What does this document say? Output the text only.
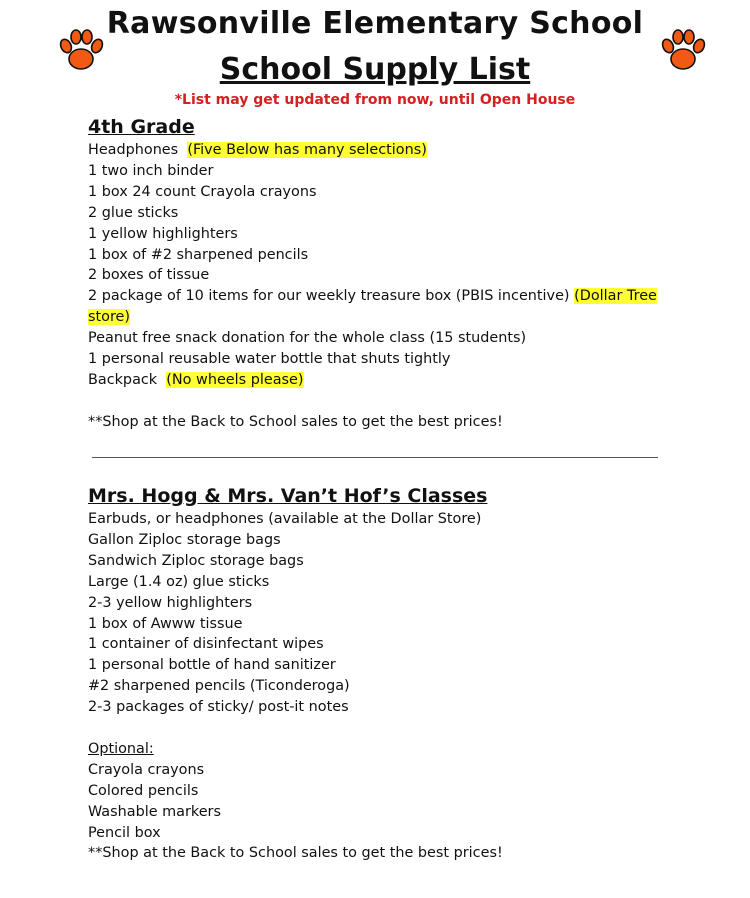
Rawsonville Elementary School
School Supply List
*List may get updated from now, until Open House
4th Grade
Headphones (Five Below has many selections)
1 two inch binder
1 box 24 count Crayola crayons
2 glue sticks
1 yellow highlighters
1 box of #2 sharpened pencils
2 boxes of tissue
2 package of 10 items for our weekly treasure box (PBIS incentive) (Dollar Tree store)
Peanut free snack donation for the whole class (15 students)
1 personal reusable water bottle that shuts tightly
Backpack (No wheels please)
**Shop at the Back to School sales to get the best prices!
Mrs. Hogg & Mrs. Van’t Hof’s Classes
Earbuds, or headphones (available at the Dollar Store)
Gallon Ziploc storage bags
Sandwich Ziploc storage bags
Large (1.4 oz) glue sticks
2-3 yellow highlighters
1 box of Awww tissue
1 container of disinfectant wipes
1 personal bottle of hand sanitizer
#2 sharpened pencils (Ticonderoga)
2-3 packages of sticky/ post-it notes
Optional:
Crayola crayons
Colored pencils
Washable markers
Pencil box
**Shop at the Back to School sales to get the best prices!
